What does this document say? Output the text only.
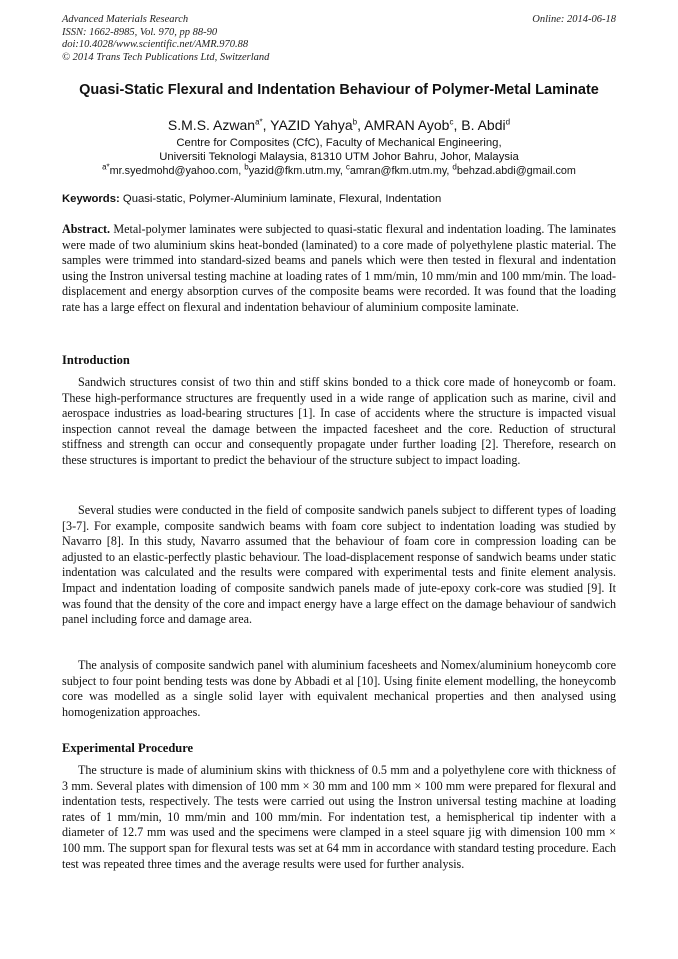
Advanced Materials Research
ISSN: 1662-8985, Vol. 970, pp 88-90
doi:10.4028/www.scientific.net/AMR.970.88
© 2014 Trans Tech Publications Ltd, Switzerland
Online: 2014-06-18
Quasi-Static Flexural and Indentation Behaviour of Polymer-Metal Laminate
S.M.S. Azwan$^{a*}$, YAZID Yahya$^b$, AMRAN Ayob$^c$, B. Abdi$^d$
Centre for Composites (CfC), Faculty of Mechanical Engineering,
Universiti Teknologi Malaysia, 81310 UTM Johor Bahru, Johor, Malaysia
$^{a*}$mr.syedmohd@yahoo.com, $^b$yazid@fkm.utm.my, $^c$amran@fkm.utm.my, $^d$behzad.abdi@gmail.com
Keywords: Quasi-static, Polymer-Aluminium laminate, Flexural, Indentation

Abstract. Metal-polymer laminates were subjected to quasi-static flexural and indentation loading. The laminates were made of two aluminium skins heat-bonded (laminated) to a core made of polyethylene plastic material. The samples were trimmed into standard-sized beams and panels which were then tested in flexural and indentation using the Instron universal testing machine at loading rates of 1 mm/min, 10 mm/min and 100 mm/min. The load-displacement and energy absorption curves of the composite beams were recorded. It was found that the loading rate has a large effect on flexural and indentation behaviour of aluminium composite laminate.

Introduction

Sandwich structures consist of two thin and stiff skins bonded to a thick core made of honeycomb or foam. These high-performance structures are frequently used in a wide range of application such as marine, civil and aerospace industries as load-bearing structures [1]. In case of accidents where the structure is impacted visual inspection cannot reveal the damage between the impacted facesheet and the core. Reduction of structural stiffness and strength can occur and consequently propagate under further loading [2]. Therefore, research on these structures is important to predict the behaviour of the structure subject to impact loading.

Several studies were conducted in the field of composite sandwich panels subject to different types of loading [3-7]. For example, composite sandwich beams with foam core subject to indentation loading was studied by Navarro [8]. In this study, Navarro assumed that the behaviour of foam core in compression loading can be adjusted to an elastic-perfectly plastic behaviour. The load-displacement response of sandwich beams under static indentation was calculated and the results were compared with experimental tests and finite element analysis. Impact and indentation loading of composite sandwich panels made of jute-epoxy cork-core was studied [9]. It was found that the density of the core and impact energy have a large effect on the damage behaviour of sandwich panel including force and damage area.

The analysis of composite sandwich panel with aluminium facesheets and Nomex/aluminium honeycomb core subject to four point bending tests was done by Abbadi et al [10]. Using finite element modelling, the honeycomb core was modelled as a single solid layer with equivalent mechanical properties and then analysed using homogenization approaches.

Experimental Procedure

The structure is made of aluminium skins with thickness of 0.5 mm and a polyethylene core with thickness of 3 mm. Several plates with dimension of 100 mm × 30 mm and 100 mm × 100 mm were prepared for flexural and indentation tests, respectively. The tests were carried out using the Instron universal testing machine at loading rates of 1 mm/min, 10 mm/min and 100 mm/min. For indentation test, a hemispherical tip indenter with a diameter of 12.7 mm was used and the specimens were clamped in a steel square jig with dimension 100 mm × 100 mm. The support span for flexural tests was set at 64 mm in accordance with standard testing procedure. Each test was repeated three times and the average results were used for further analysis.
